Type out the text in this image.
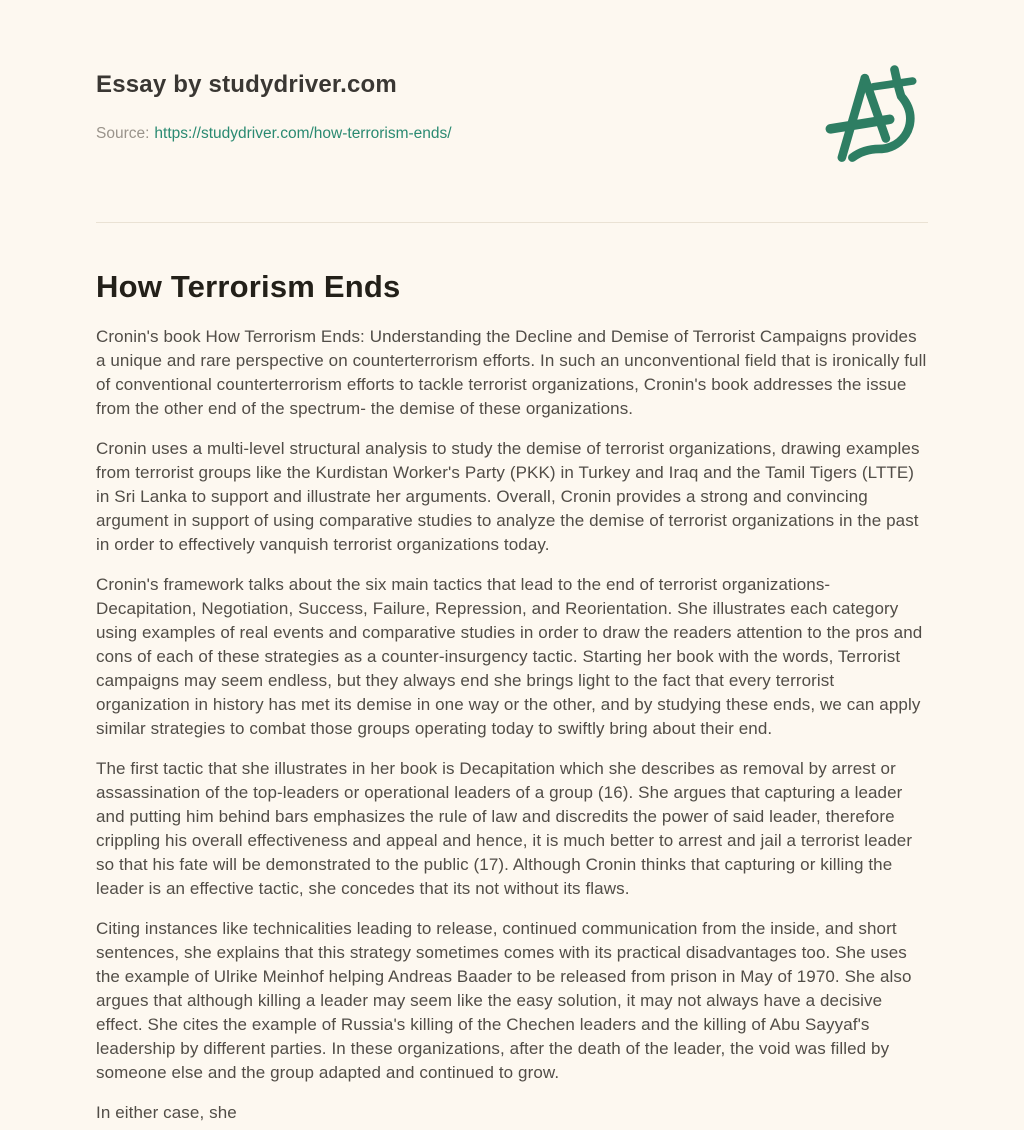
Essay by studydriver.com

Source: https://studydriver.com/how-terrorism-ends/

How Terrorism Ends

Cronin's book How Terrorism Ends: Understanding the Decline and Demise of Terrorist Campaigns provides a unique and rare perspective on counterterrorism efforts. In such an unconventional field that is ironically full of conventional counterterrorism efforts to tackle terrorist organizations, Cronin's book addresses the issue from the other end of the spectrum- the demise of these organizations.

Cronin uses a multi-level structural analysis to study the demise of terrorist organizations, drawing examples from terrorist groups like the Kurdistan Worker's Party (PKK) in Turkey and Iraq and the Tamil Tigers (LTTE) in Sri Lanka to support and illustrate her arguments. Overall, Cronin provides a strong and convincing argument in support of using comparative studies to analyze the demise of terrorist organizations in the past in order to effectively vanquish terrorist organizations today.

Cronin's framework talks about the six main tactics that lead to the end of terrorist organizations- Decapitation, Negotiation, Success, Failure, Repression, and Reorientation. She illustrates each category using examples of real events and comparative studies in order to draw the readers attention to the pros and cons of each of these strategies as a counter-insurgency tactic. Starting her book with the words, Terrorist campaigns may seem endless, but they always end she brings light to the fact that every terrorist organization in history has met its demise in one way or the other, and by studying these ends, we can apply similar strategies to combat those groups operating today to swiftly bring about their end.

The first tactic that she illustrates in her book is Decapitation which she describes as removal by arrest or assassination of the top-leaders or operational leaders of a group (16). She argues that capturing a leader and putting him behind bars emphasizes the rule of law and discredits the power of said leader, therefore crippling his overall effectiveness and appeal and hence, it is much better to arrest and jail a terrorist leader so that his fate will be demonstrated to the public (17). Although Cronin thinks that capturing or killing the leader is an effective tactic, she concedes that its not without its flaws.

Citing instances like technicalities leading to release, continued communication from the inside, and short sentences, she explains that this strategy sometimes comes with its practical disadvantages too. She uses the example of Ulrike Meinhof helping Andreas Baader to be released from prison in May of 1970. She also argues that although killing a leader may seem like the easy solution, it may not always have a decisive effect. She cites the example of Russia's killing of the Chechen leaders and the killing of Abu Sayyaf's leadership by different parties. In these organizations, after the death of the leader, the void was filled by someone else and the group adapted and continued to grow.

In either case, she
